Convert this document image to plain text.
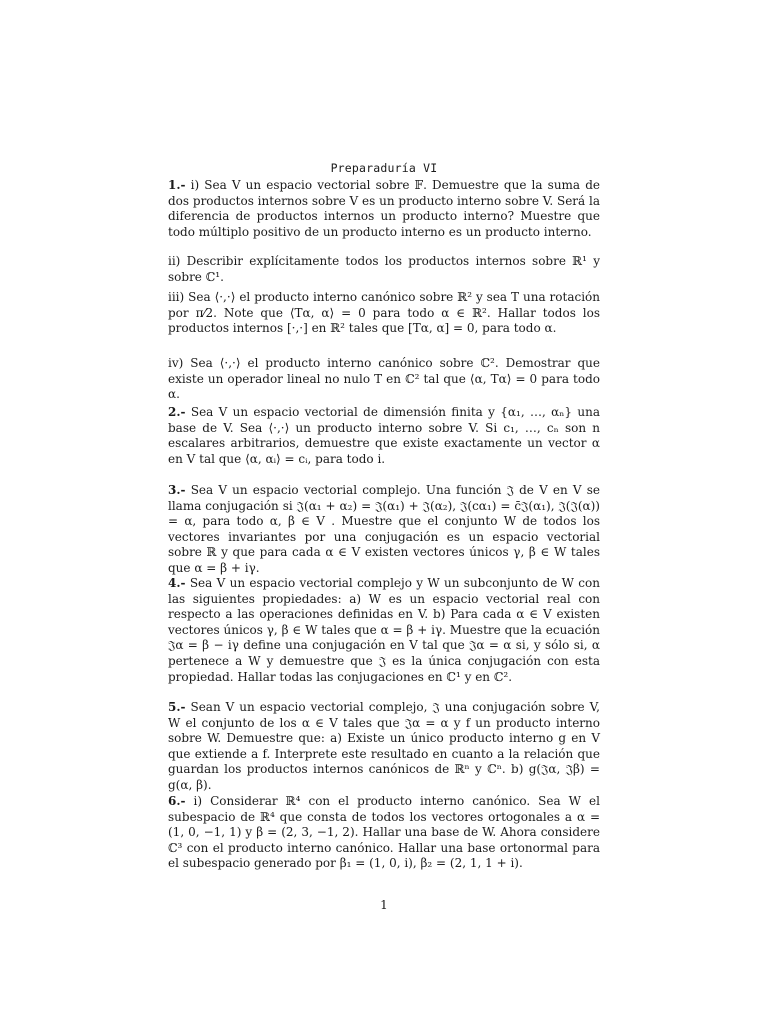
Preparaduría VI

1.- i) Sea V un espacio vectorial sobre 𝔽. Demuestre que la suma de dos productos internos sobre V es un producto interno sobre V. Será la diferencia de productos internos un producto interno? Muestre que todo múltiplo positivo de un producto interno es un producto interno.

ii) Describir explícitamente todos los productos internos sobre ℝ¹ y sobre ℂ¹.

iii) Sea ⟨·,·⟩ el producto interno canónico sobre ℝ² y sea T una rotación por π⁄2. Note que ⟨Tα, α⟩ = 0 para todo α ∈ ℝ². Hallar todos los productos internos [·,·] en ℝ² tales que [Tα, α] = 0, para todo α.

iv) Sea ⟨·,·⟩ el producto interno canónico sobre ℂ². Demostrar que existe un operador lineal no nulo T en ℂ² tal que ⟨α, Tα⟩ = 0 para todo α.

2.- Sea V un espacio vectorial de dimensión finita y {α₁, …, αₙ} una base de V. Sea ⟨·,·⟩ un producto interno sobre V. Si c₁, …, cₙ son n escalares arbitrarios, demuestre que existe exactamente un vector α en V tal que ⟨α, αᵢ⟩ = cᵢ, para todo i.

3.- Sea V un espacio vectorial complejo. Una función 𝔍 de V en V se llama conjugación si 𝔍(α₁ + α₂) = 𝔍(α₁) + 𝔍(α₂), 𝔍(cα₁) = c̄𝔍(α₁), 𝔍(𝔍(α)) = α, para todo α, β ∈ V . Muestre que el conjunto W de todos los vectores invariantes por una conjugación es un espacio vectorial sobre ℝ y que para cada α ∈ V existen vectores únicos γ, β ∈ W tales que α = β + iγ.

4.- Sea V un espacio vectorial complejo y W un subconjunto de W con las siguientes propiedades: a) W es un espacio vectorial real con respecto a las operaciones definidas en V. b) Para cada α ∈ V existen vectores únicos γ, β ∈ W tales que α = β + iγ. Muestre que la ecuación 𝔍α = β − iγ define una conjugación en V tal que 𝔍α = α si, y sólo si, α pertenece a W y demuestre que 𝔍 es la única conjugación con esta propiedad. Hallar todas las conjugaciones en ℂ¹ y en ℂ².

5.- Sean V un espacio vectorial complejo, 𝔍 una conjugación sobre V, W el conjunto de los α ∈ V tales que 𝔍α = α y f un producto interno sobre W. Demuestre que: a) Existe un único producto interno g en V que extiende a f. Interprete este resultado en cuanto a la relación que guardan los productos internos canónicos de ℝⁿ y ℂⁿ. b) g(𝔍α, 𝔍β) = g(α, β).

6.- i) Considerar ℝ⁴ con el producto interno canónico. Sea W el subespacio de ℝ⁴ que consta de todos los vectores ortogonales a α = (1, 0, −1, 1) y β = (2, 3, −1, 2). Hallar una base de W. Ahora considere ℂ³ con el producto interno canónico. Hallar una base ortonormal para el subespacio generado por β₁ = (1, 0, i), β₂ = (2, 1, 1 + i).

1
